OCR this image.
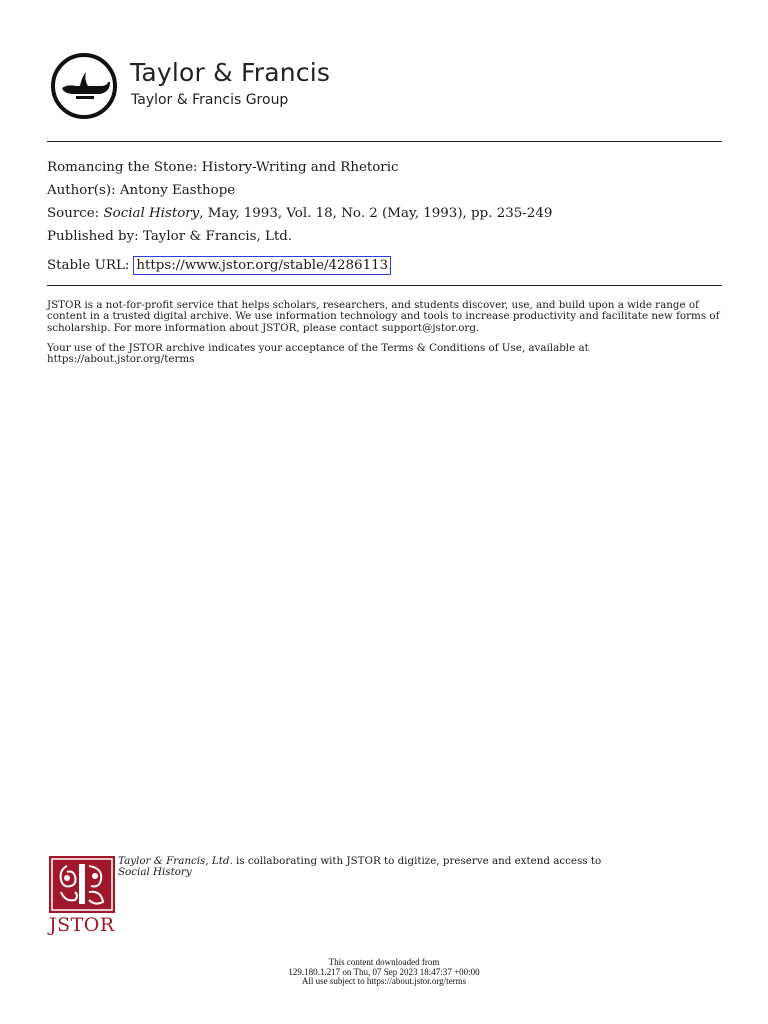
Taylor & Francis
Taylor & Francis Group
Romancing the Stone: History-Writing and Rhetoric
Author(s): Antony Easthope
Source: Social History, May, 1993, Vol. 18, No. 2 (May, 1993), pp. 235-249
Published by: Taylor & Francis, Ltd.
Stable URL: https://www.jstor.org/stable/4286113
JSTOR is a not-for-profit service that helps scholars, researchers, and students discover, use, and build upon a wide range of content in a trusted digital archive. We use information technology and tools to increase productivity and facilitate new forms of scholarship. For more information about JSTOR, please contact support@jstor.org.
Your use of the JSTOR archive indicates your acceptance of the Terms & Conditions of Use, available at https://about.jstor.org/terms
JSTOR
Taylor & Francis, Ltd. is collaborating with JSTOR to digitize, preserve and extend access to
Social History
This content downloaded from
129.180.1.217 on Thu, 07 Sep 2023 18:47:37 +00:00
All use subject to https://about.jstor.org/terms
